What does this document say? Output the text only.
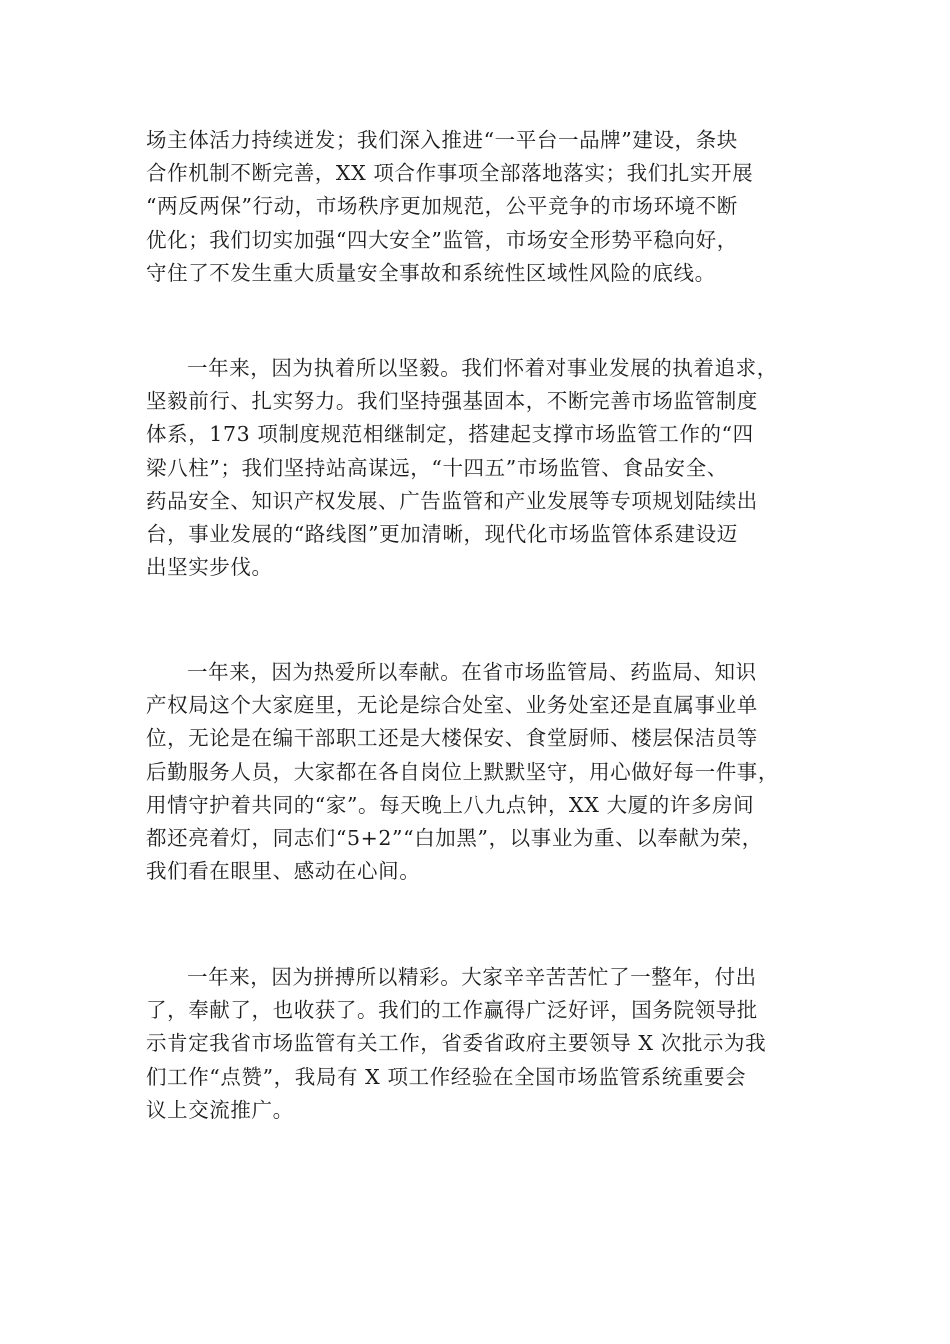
场主体活力持续迸发；我们深入推进“一平台一品牌”建设，条块
合作机制不断完善，XX 项合作事项全部落地落实；我们扎实开展
“两反两保”行动，市场秩序更加规范，公平竞争的市场环境不断
优化；我们切实加强“四大安全”监管，市场安全形势平稳向好，
守住了不发生重大质量安全事故和系统性区域性风险的底线。
一年来，因为执着所以坚毅。我们怀着对事业发展的执着追求，
坚毅前行、扎实努力。我们坚持强基固本，不断完善市场监管制度
体系，173 项制度规范相继制定，搭建起支撑市场监管工作的“四
梁八柱”；我们坚持站高谋远，“十四五”市场监管、食品安全、
药品安全、知识产权发展、广告监管和产业发展等专项规划陆续出
台，事业发展的“路线图”更加清晰，现代化市场监管体系建设迈
出坚实步伐。
一年来，因为热爱所以奉献。在省市场监管局、药监局、知识
产权局这个大家庭里，无论是综合处室、业务处室还是直属事业单
位，无论是在编干部职工还是大楼保安、食堂厨师、楼层保洁员等
后勤服务人员，大家都在各自岗位上默默坚守，用心做好每一件事，
用情守护着共同的“家”。每天晚上八九点钟，XX 大厦的许多房间
都还亮着灯，同志们“5+2”“白加黑”，以事业为重、以奉献为荣，
我们看在眼里、感动在心间。
一年来，因为拼搏所以精彩。大家辛辛苦苦忙了一整年，付出
了，奉献了，也收获了。我们的工作赢得广泛好评，国务院领导批
示肯定我省市场监管有关工作，省委省政府主要领导 X 次批示为我
们工作“点赞”，我局有 X 项工作经验在全国市场监管系统重要会
议上交流推广。
